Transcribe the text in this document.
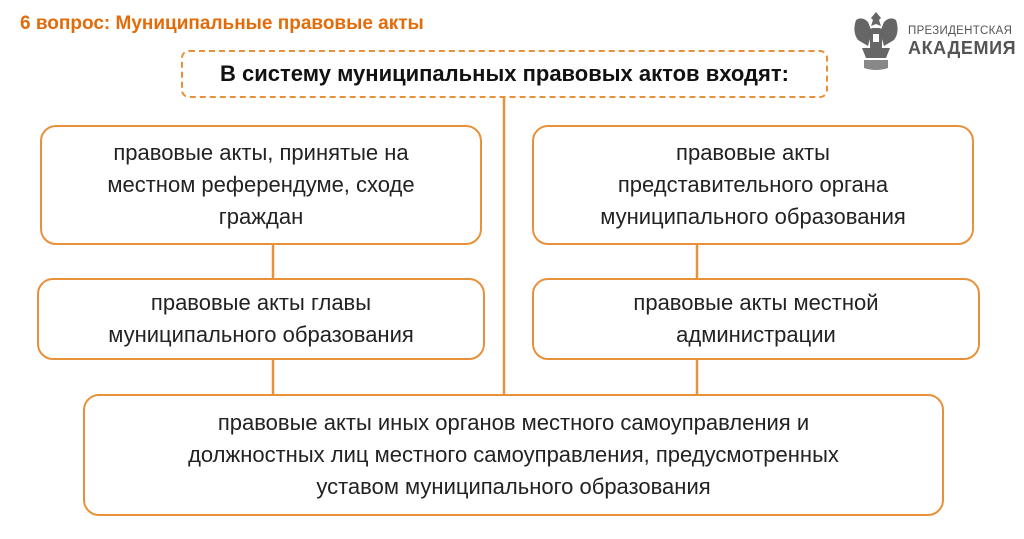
6 вопрос: Муниципальные правовые акты	ПРЕЗИДЕНТСКАЯ
АКАДЕМИЯ
В систему муниципальных правовых актов входят:
правовые акты, принятые на
местном референдуме, сходе
граждан
правовые акты главы
муниципального образования
правовые акты
представительного органа
муниципального образования
правовые акты местной
администрации
правовые акты иных органов местного самоуправления и
должностных лиц местного самоуправления, предусмотренных
уставом муниципального образования
